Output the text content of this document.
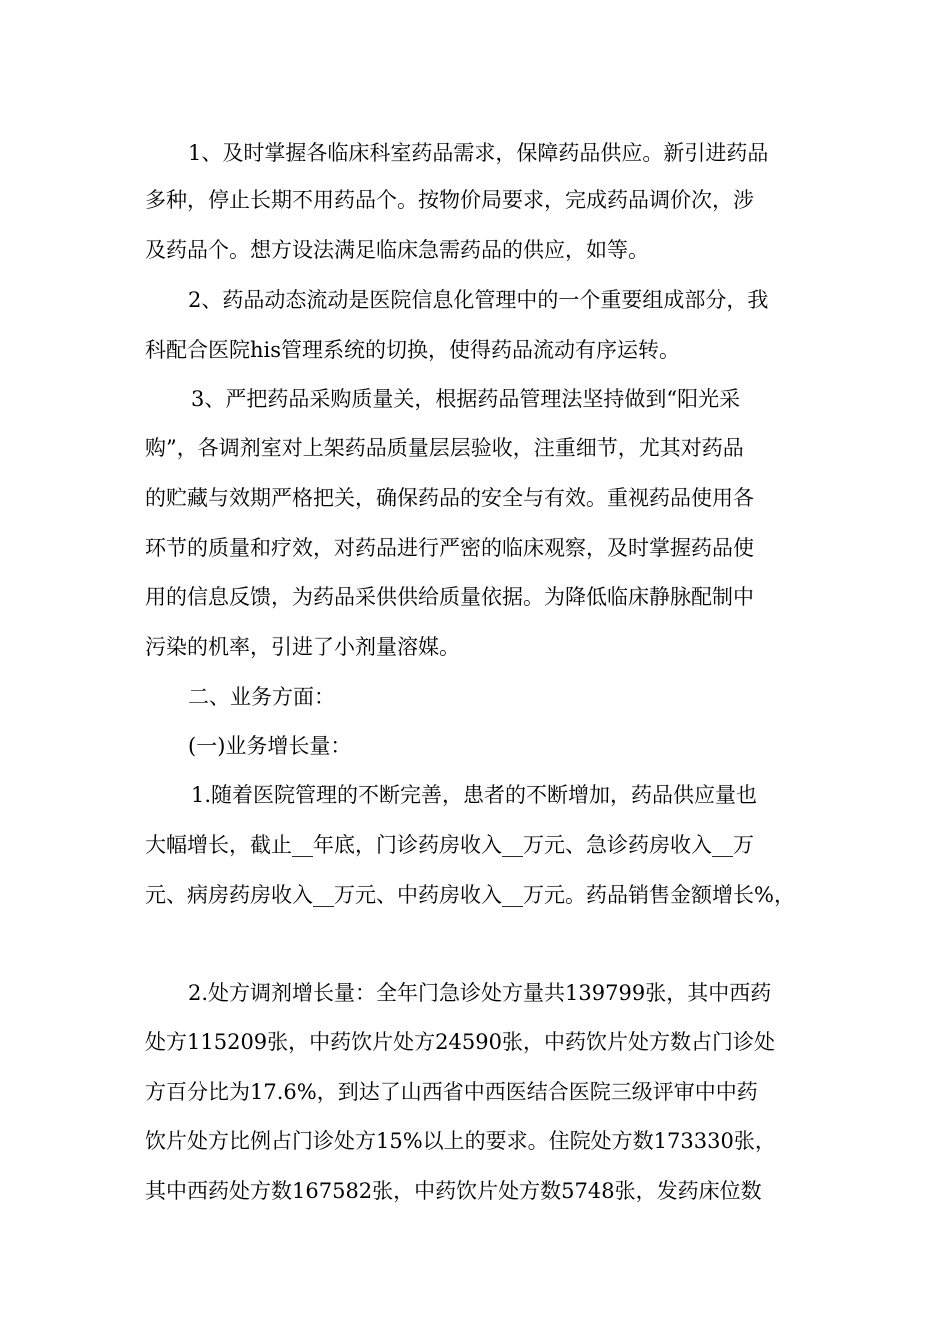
1、及时掌握各临床科室药品需求，保障药品供应。新引进药品
多种，停止长期不用药品个。按物价局要求，完成药品调价次，涉
及药品个。想方设法满足临床急需药品的供应，如等。
2、药品动态流动是医院信息化管理中的一个重要组成部分，我
科配合医院his管理系统的切换，使得药品流动有序运转。
3、严把药品采购质量关，根据药品管理法坚持做到“阳光采
购”，各调剂室对上架药品质量层层验收，注重细节，尤其对药品
的贮藏与效期严格把关，确保药品的安全与有效。重视药品使用各
环节的质量和疗效，对药品进行严密的临床观察，及时掌握药品使
用的信息反馈，为药品采供供给质量依据。为降低临床静脉配制中
污染的机率，引进了小剂量溶媒。
二、业务方面：
(一)业务增长量：
1.随着医院管理的不断完善，患者的不断增加，药品供应量也
大幅增长，截止__年底，门诊药房收入__万元、急诊药房收入__万
元、病房药房收入__万元、中药房收入__万元。药品销售金额增长%，
2.处方调剂增长量：全年门急诊处方量共139799张，其中西药
处方115209张，中药饮片处方24590张，中药饮片处方数占门诊处
方百分比为17.6%，到达了山西省中西医结合医院三级评审中中药
饮片处方比例占门诊处方15%以上的要求。住院处方数173330张，
其中西药处方数167582张，中药饮片处方数5748张，发药床位数
